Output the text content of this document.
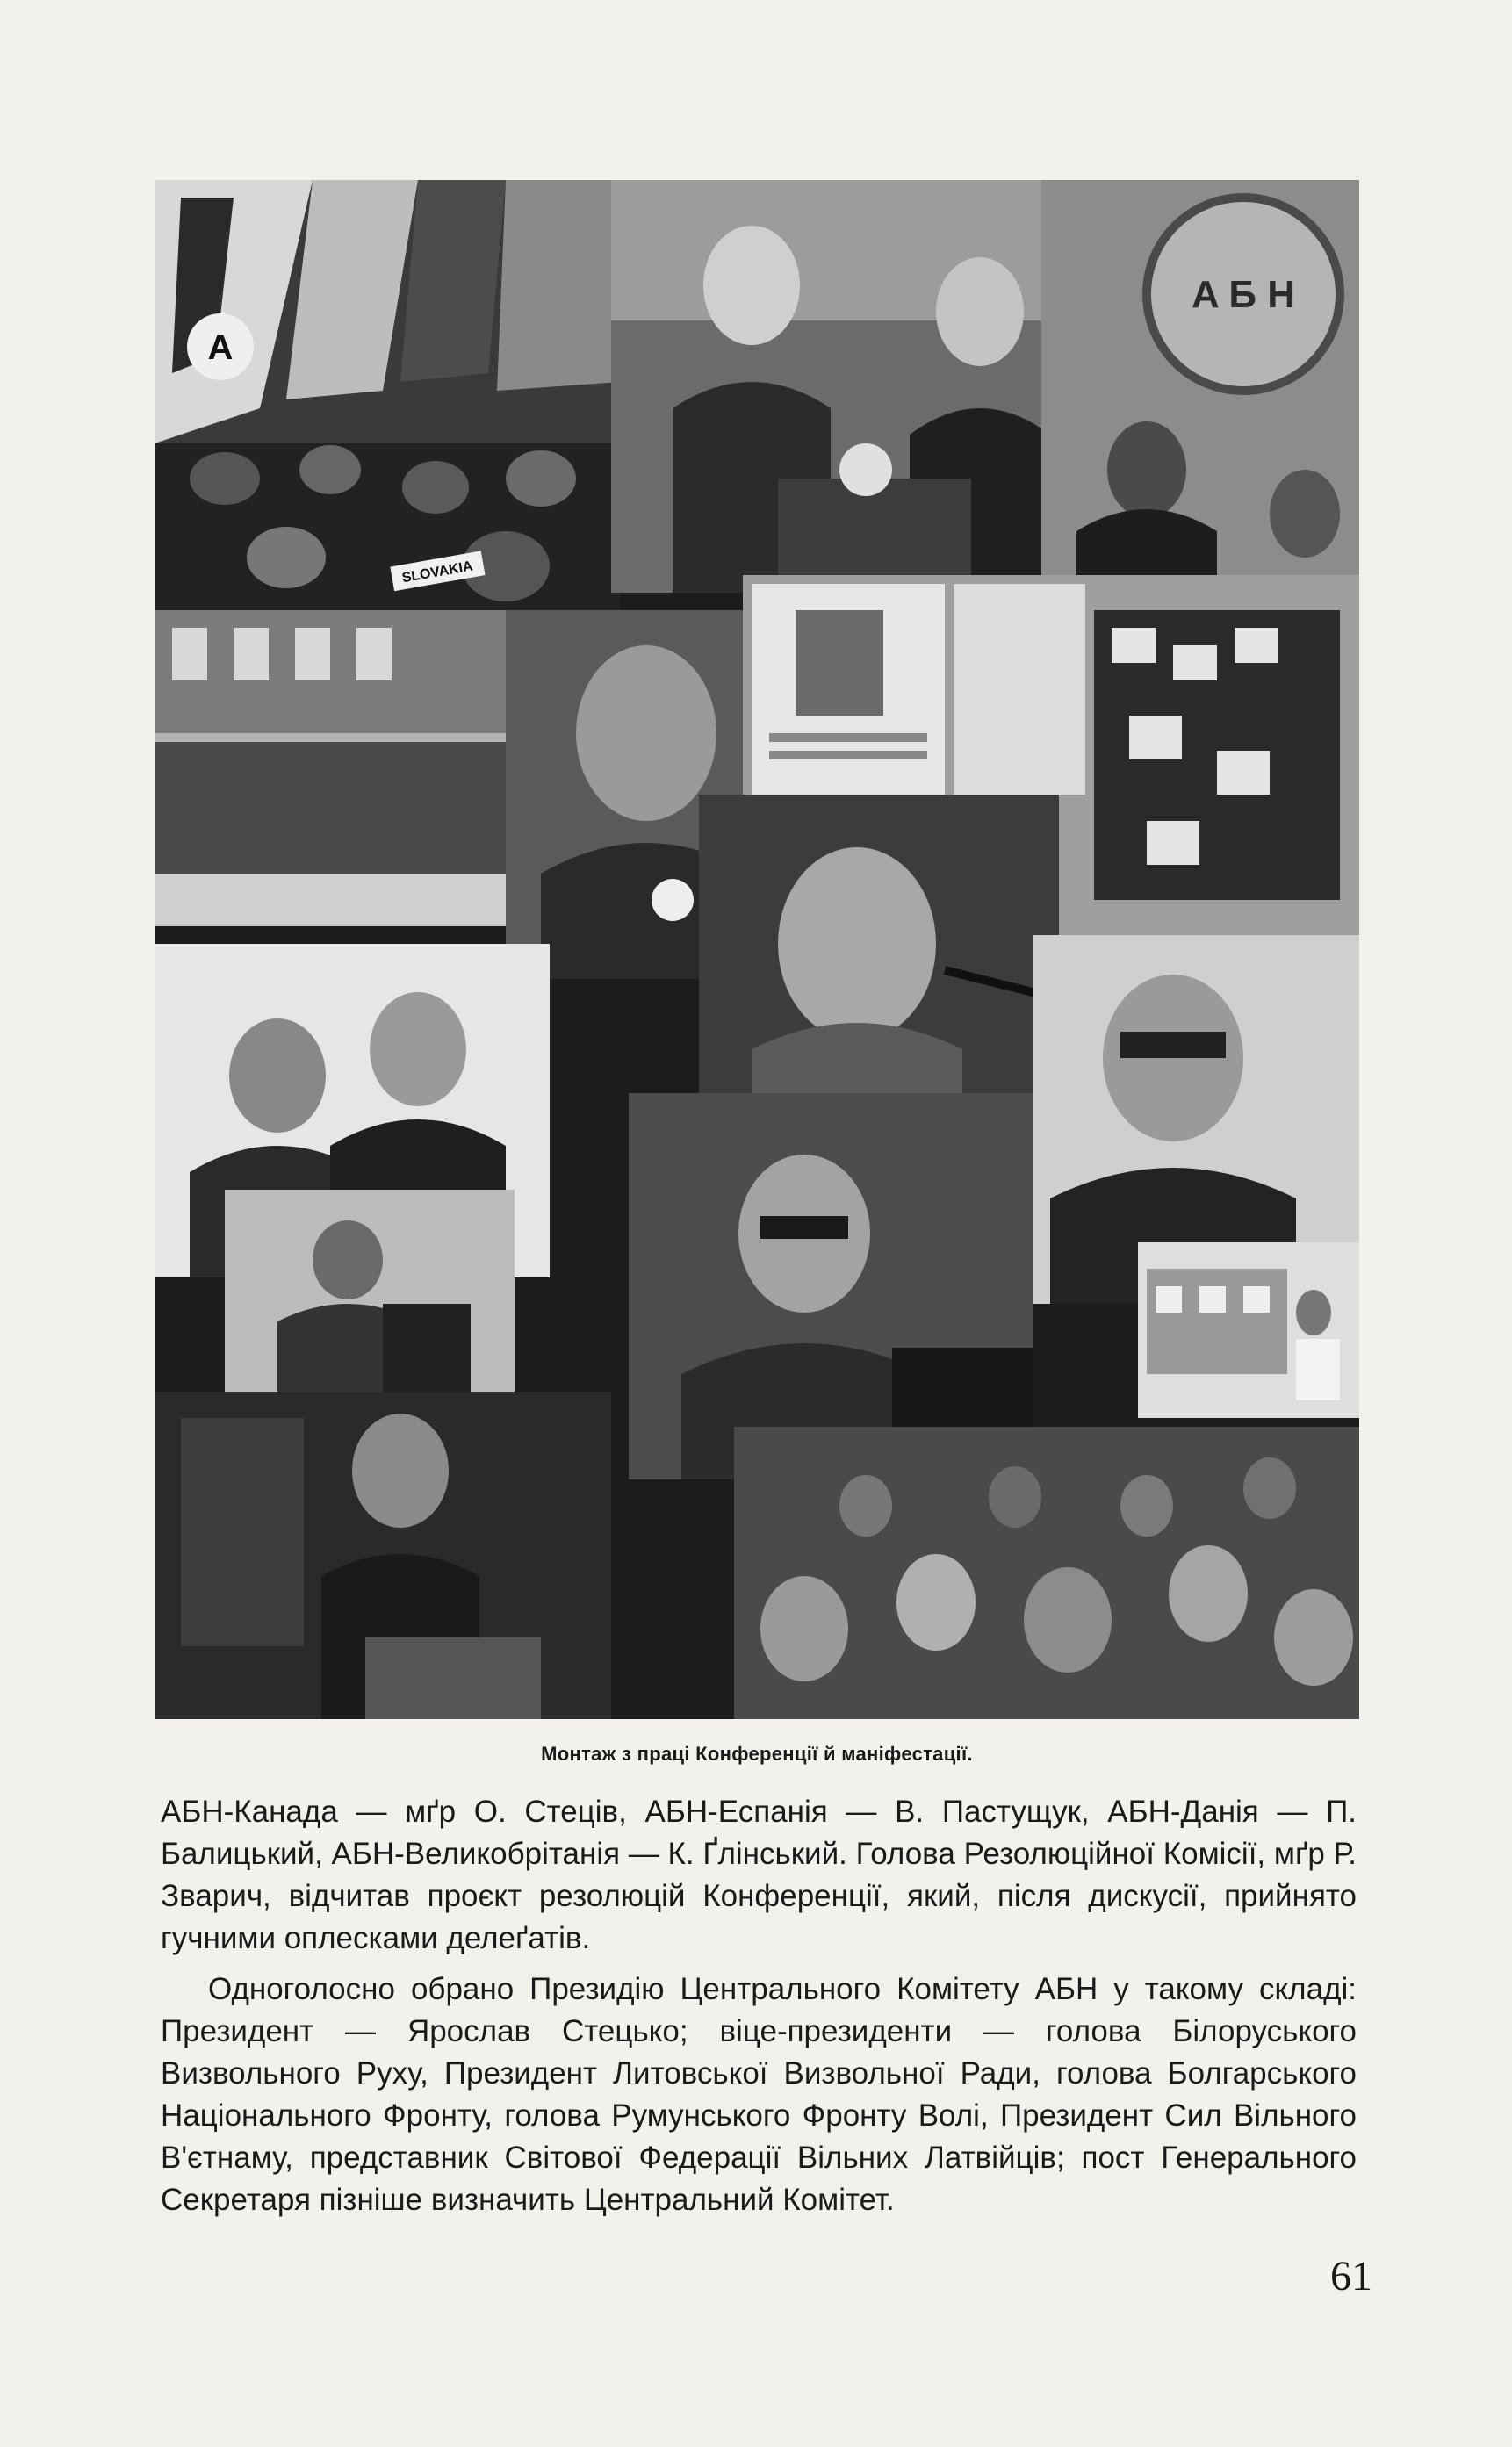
A
SLOVAKIA
A Б Н
Монтаж з праці Конференції й маніфестації.

АБН-Канада — мґр О. Стеців, АБН-Еспанія — В. Пастущук, АБН-Данія — П. Балицький, АБН-Великобрітанія — К. Ґлінський. Голова Резолюційної Комісії, мґр Р. Зварич, відчитав проєкт резолюцій Конференції, який, після дискусії, прийнято гучними оплесками делеґатів.

Одноголосно обрано Президію Центрального Комітету АБН у такому складі: Президент — Ярослав Стецько; віце-президенти — голова Білоруського Визвольного Руху, Президент Литовської Визвольної Ради, голова Болгарського Національного Фронту, голова Румунського Фронту Волі, Президент Сил Вільного В'єтнаму, представник Світової Федерації Вільних Латвійців; пост Генерального Секретаря пізніше визначить Центральний Комітет.

61
